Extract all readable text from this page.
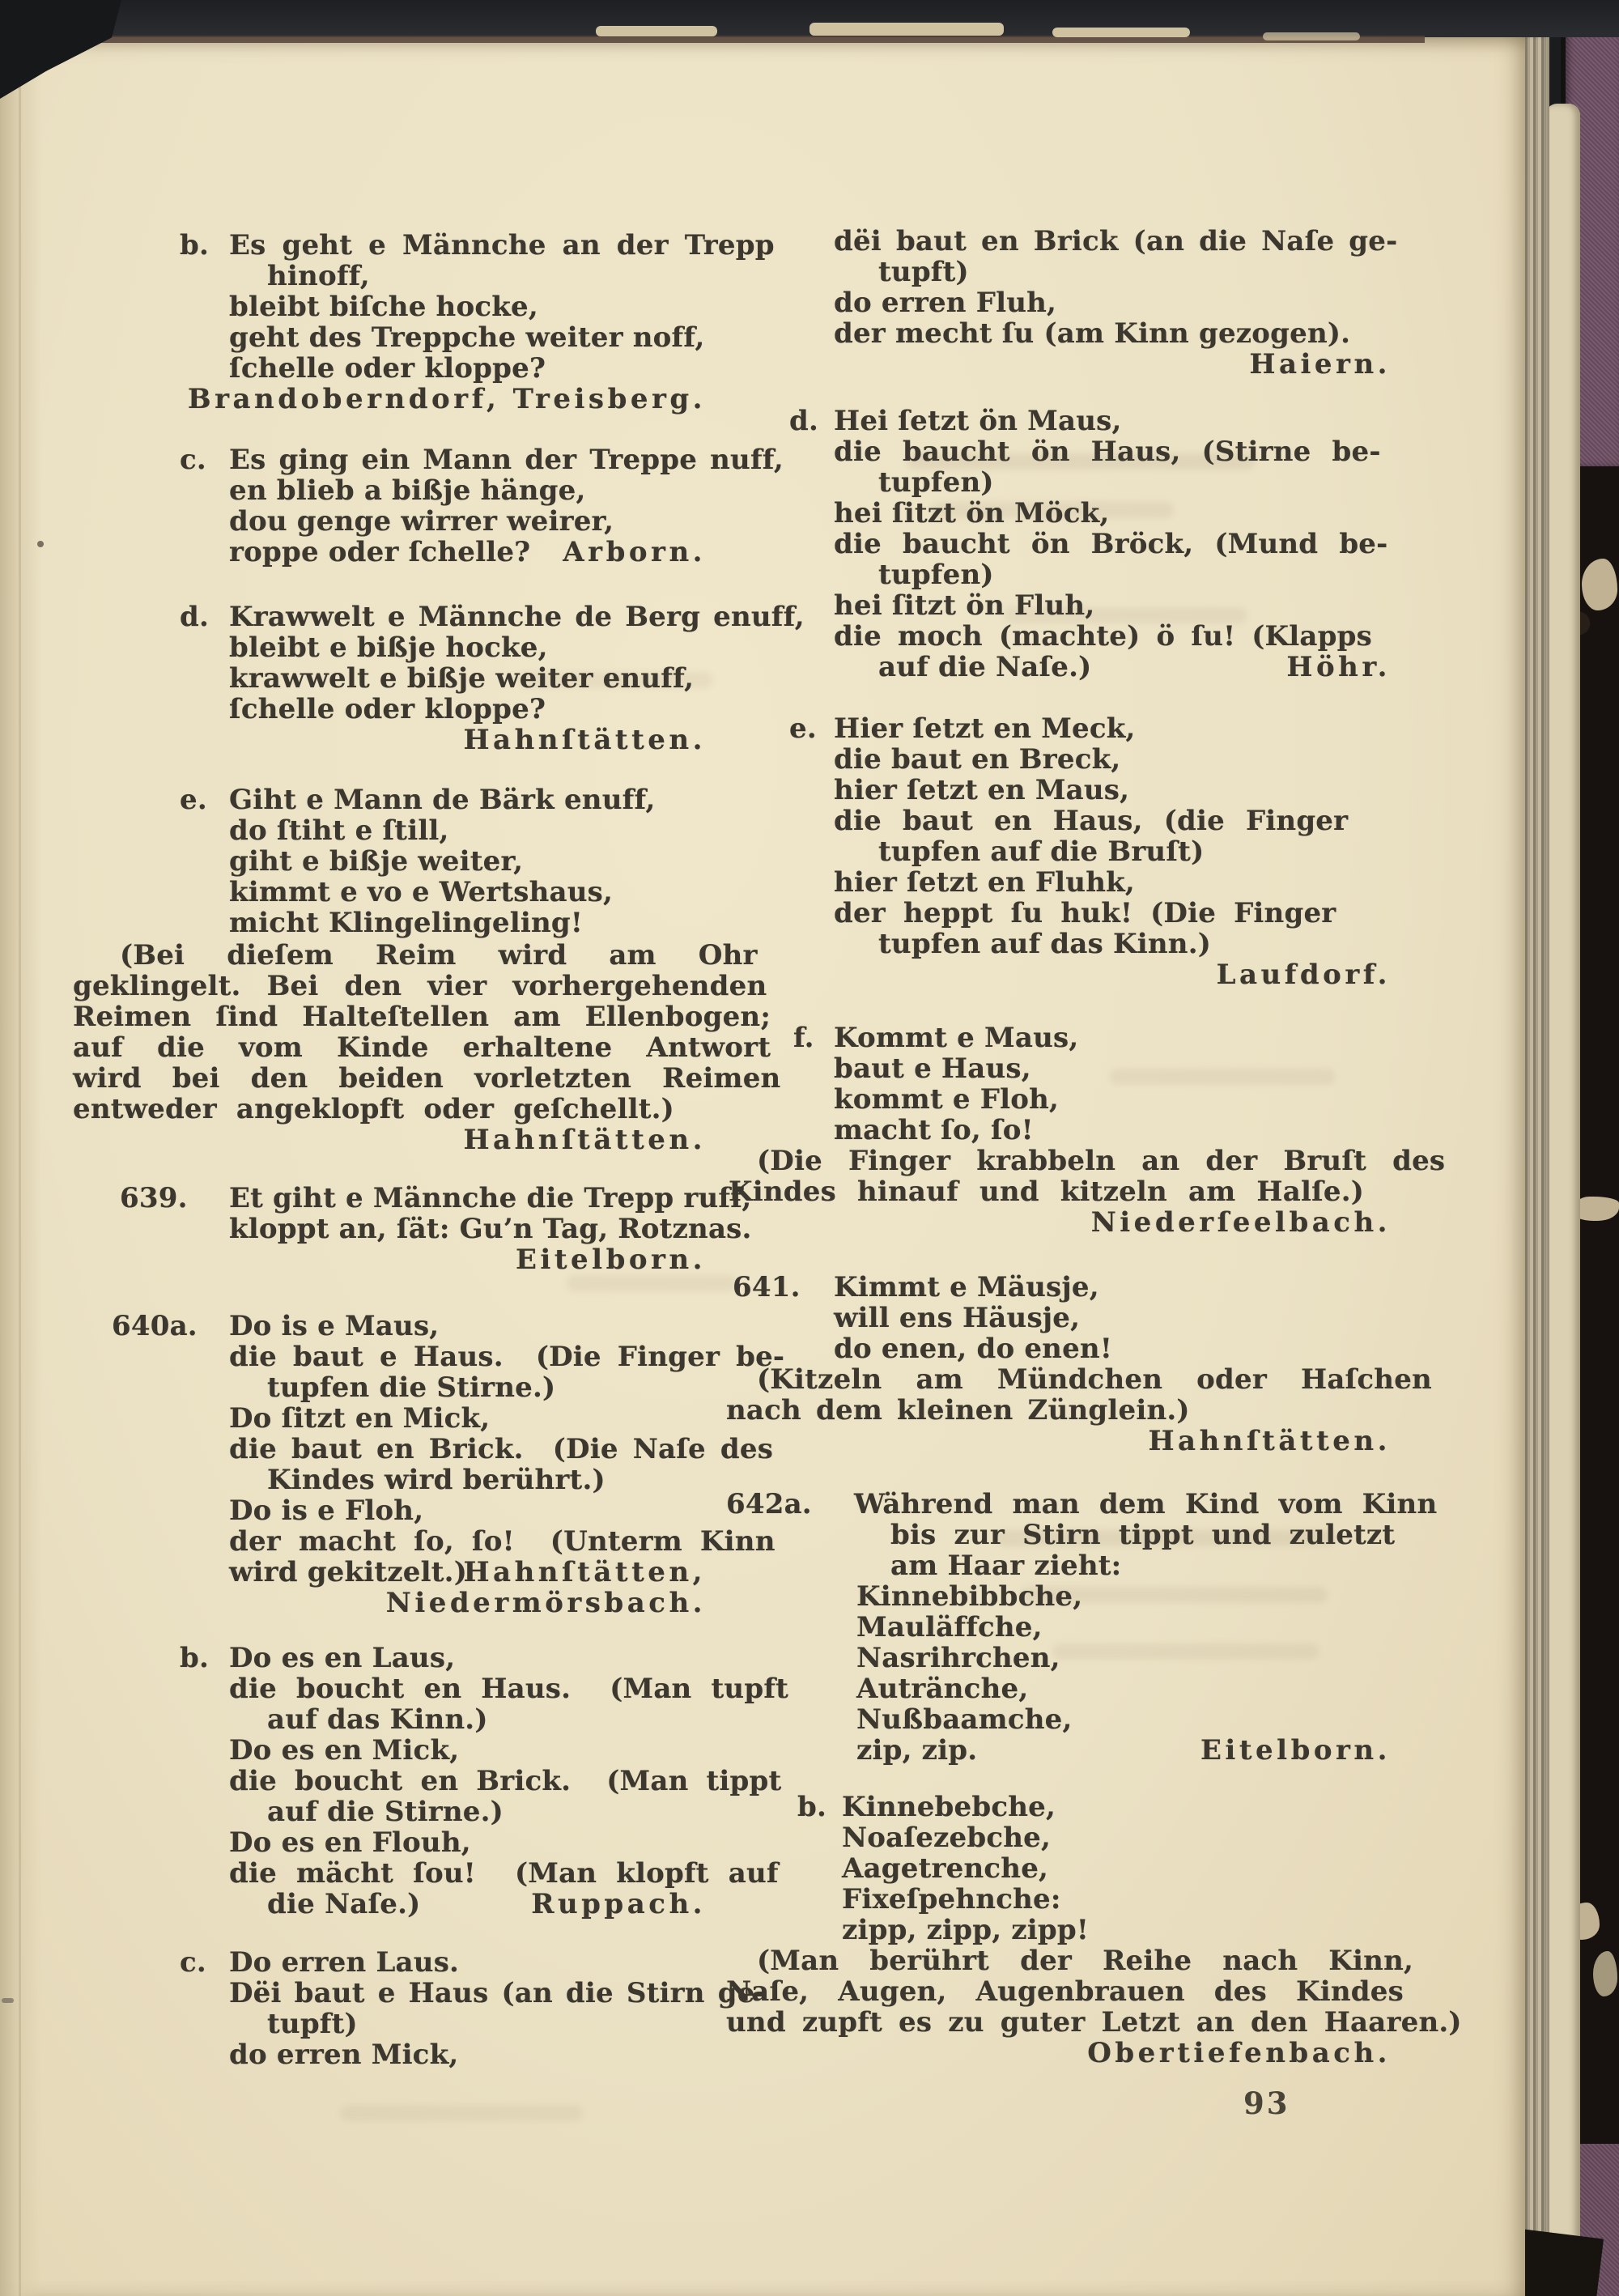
b. Es geht e Männche an der Trepp
hinoff,
bleibt biſche hocke,
geht des Treppche weiter noff,
ſchelle oder kloppe?
Brandoberndorf, Treisberg.
c. Es ging ein Mann der Treppe nuff,
en blieb a bißje hänge,
dou genge wirrer weirer,
roppe oder ſchelle?	Arborn.
d. Krawwelt e Männche de Berg enuff,
bleibt e bißje hocke,
krawwelt e bißje weiter enuff,
ſchelle oder kloppe?
Hahnſtätten.
e. Giht e Mann de Bärk enuff,
do ſtiht e ſtill,
giht e bißje weiter,
kimmt e vo e Wertshaus,
micht Klingelingeling!
(Bei dieſem Reim wird am Ohr
geklingelt. Bei den vier vorhergehenden
Reimen ſind Halteſtellen am Ellenbogen;
auf die vom Kinde erhaltene Antwort
wird bei den beiden vorletzten Reimen
entweder angeklopft oder geſchellt.)
Hahnſtätten.
639. Et giht e Männche die Trepp ruff,
kloppt an, ſät: Gu’n Tag, Rotznas.
Eitelborn.
640a. Do is e Maus,
die baut e Haus.  (Die Finger be-
tupfen die Stirne.)
Do ſitzt en Mick,
die baut en Brick.  (Die Naſe des
Kindes wird berührt.)
Do is e Floh,
der macht ſo, ſo!  (Unterm Kinn
wird gekitzelt.)
Hahnſtätten,
Niedermörsbach.
b. Do es en Laus,
die boucht en Haus.  (Man tupft
auf das Kinn.)
Do es en Mick,
die boucht en Brick.  (Man tippt
auf die Stirne.)
Do es en Flouh,
die mächt ſou!  (Man klopft auf
die Naſe.)	Ruppach.
c. Do erren Laus.
Dëi baut e Haus (an die Stirn ge-
tupft)
do erren Mick,
dëi baut en Brick (an die Naſe ge-
tupft)
do erren Fluh,
der mecht ſu (am Kinn gezogen).
Haiern.
d. Hei ſetzt ön Maus,
die baucht ön Haus, (Stirne be-
tupfen)
hei ſitzt ön Möck,
die baucht ön Bröck, (Mund be-
tupfen)
hei ſitzt ön Fluh,
die moch (machte) ö ſu! (Klapps
auf die Naſe.)	Höhr.
e. Hier ſetzt en Meck,
die baut en Breck,
hier ſetzt en Maus,
die baut en Haus, (die Finger
tupfen auf die Bruſt)
hier ſetzt en Fluhk,
der heppt ſu huk! (Die Finger
tupfen auf das Kinn.)
Laufdorf.
f. Kommt e Maus,
baut e Haus,
kommt e Floh,
macht ſo, ſo!
(Die Finger krabbeln an der Bruſt des
Kindes hinauf und kitzeln am Halſe.)
Niederſeelbach.
641. Kimmt e Mäusje,
will ens Häusje,
do enen, do enen!
(Kitzeln am Mündchen oder Haſchen
nach dem kleinen Zünglein.)
Hahnſtätten.
642a. Während man dem Kind vom Kinn
bis zur Stirn tippt und zuletzt
am Haar zieht:
Kinnebibbche,
Mauläffche,
Nasrihrchen,
Autränche,
Nußbaamche,
zip, zip.	Eitelborn.
b. Kinnebebche,
Noaſezebche,
Aagetrenche,
Fixeſpehnche:
zipp, zipp, zipp!
(Man berührt der Reihe nach Kinn,
Naſe, Augen, Augenbrauen des Kindes
und zupft es zu guter Letzt an den Haaren.)
Obertiefenbach.
93
